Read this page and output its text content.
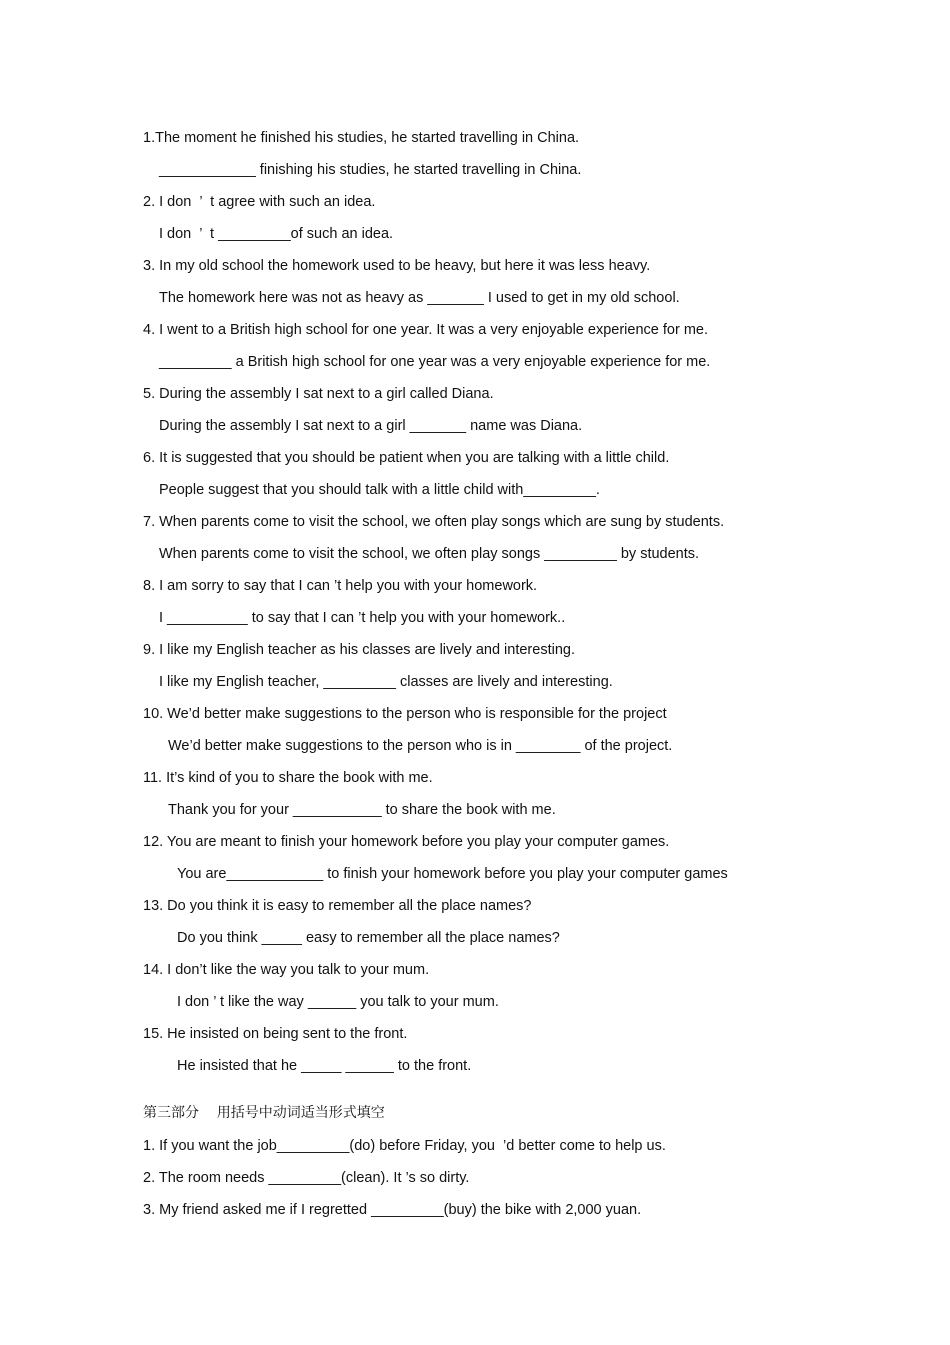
1.The moment he finished his studies, he started travelling in China.
____________ finishing his studies, he started travelling in China.
2. I don  ’  t agree with such an idea.
I don  ’  t _________of such an idea.
3. In my old school the homework used to be heavy, but here it was less heavy.
The homework here was not as heavy as _______ I used to get in my old school.
4. I went to a British high school for one year. It was a very enjoyable experience for me.
_________ a British high school for one year was a very enjoyable experience for me.
5. During the assembly I sat next to a girl called Diana.
During the assembly I sat next to a girl _______ name was Diana.
6. It is suggested that you should be patient when you are talking with a little child.
People suggest that you should talk with a little child with_________.
7. When parents come to visit the school, we often play songs which are sung by students.
When parents come to visit the school, we often play songs _________ by students.
8. I am sorry to say that I can ’t help you with your homework.
I __________ to say that I can ’t help you with your homework..
9. I like my English teacher as his classes are lively and interesting.
I like my English teacher, _________ classes are lively and interesting.
10. We’d better make suggestions to the person who is responsible for the project
We’d better make suggestions to the person who is in ________ of the project.
11. It’s kind of you to share the book with me.
Thank you for your ___________ to share the book with me.
12. You are meant to finish your homework before you play your computer games.
You are____________ to finish your homework before you play your computer games
13. Do you think it is easy to remember all the place names?
Do you think _____ easy to remember all the place names?
14. I don’t like the way you talk to your mum.
I don ’ t like the way ______ you talk to your mum.
15. He insisted on being sent to the front.
He insisted that he _____ ______ to the front.
第三部分    用括号中动词适当形式填空
1. If you want the job_________(do) before Friday, you  ’d better come to help us.
2. The room needs _________(clean). It ’s so dirty.
3. My friend asked me if I regretted _________(buy) the bike with 2,000 yuan.
